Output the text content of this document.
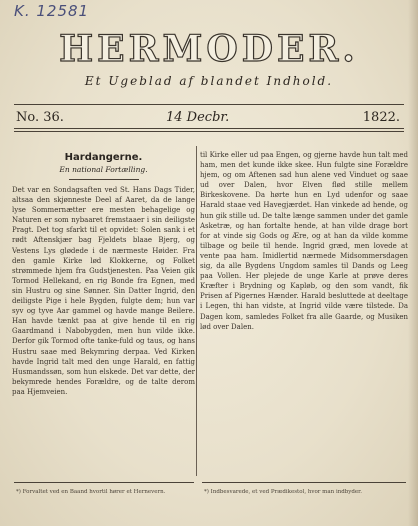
K. 12581
HERMODER.
Et Ugeblad af blandet Indhold.
No. 36.	14 Decbr.	1822.
Hardangerne.
En national Fortælling.

Det var en Sondagsaften ved St. Hans Dags Tider, altsaa den skjønneste Deel af Aaret, da de lange lyse Sommernætter ere mesten behagelige og Naturen er som nybaaret fremstaaer i sin deiligste Pragt. Det tog sfarkt til et opvidet: Solen sank i et rødt Aftenskjær bag Fjeldets blaae Bjerg, og Vestens Lys glødede i de nærmeste Høider. Fra den gamle Kirke lød Klokkerne, og Folket strømmede hjem fra Gudstjenesten. Paa Veien gik Tormod Hellekand, en rig Bonde fra Egnen, med sin Hustru og sine Sønner. Sin Datter Ingrid, den deiligste Pige i hele Bygden, fulgte dem; hun var syv og tyve Aar gammel og havde mange Beilere. Han havde tænkt paa at give hende til en rig Gaardmand i Nabobygden, men hun vilde ikke. Derfor gik Tormod ofte tanke-fuld og taus, og hans Hustru saae med Bekymring derpaa. Ved Kirken havde Ingrid talt med den unge Harald, en fattig Husmandssøn, som hun elskede. Det var dette, der bekymrede hendes Forældre, og de talte derom paa Hjemveien.

til Kirke eller ud paa Engen, og gjerne havde hun talt med ham, men det kunde ikke skee. Hun fulgte sine Forældre hjem, og om Aftenen sad hun alene ved Vinduet og saae ud over Dalen, hvor Elven flød stille mellem Birkeskovene. Da hørte hun en Lyd udenfor og saae Harald staae ved Havegjærdet. Han vinkede ad hende, og hun gik stille ud. De talte længe sammen under det gamle Asketræ, og han fortalte hende, at han vilde drage bort for at vinde sig Gods og Ære, og at han da vilde komme tilbage og beile til hende. Ingrid græd, men lovede at vente paa ham. Imidlertid nærmede Midsommersdagen sig, da alle Bygdens Ungdom samles til Dands og Leeg paa Vollen. Her plejede de unge Karle at prøve deres Kræfter i Brydning og Kapløb, og den som vandt, fik Prisen af Pigernes Hænder. Harald besluttede at deeltage i Legen, thi han vidste, at Ingrid vilde være tilstede. Da Dagen kom, samledes Folket fra alle Gaarde, og Musiken lød over Dalen.

*) Forvaltet ved en Baand hvortil hører et Hernevern.	*) Indbesvarede, et ved Prædikestol, hvor man indbyder.
